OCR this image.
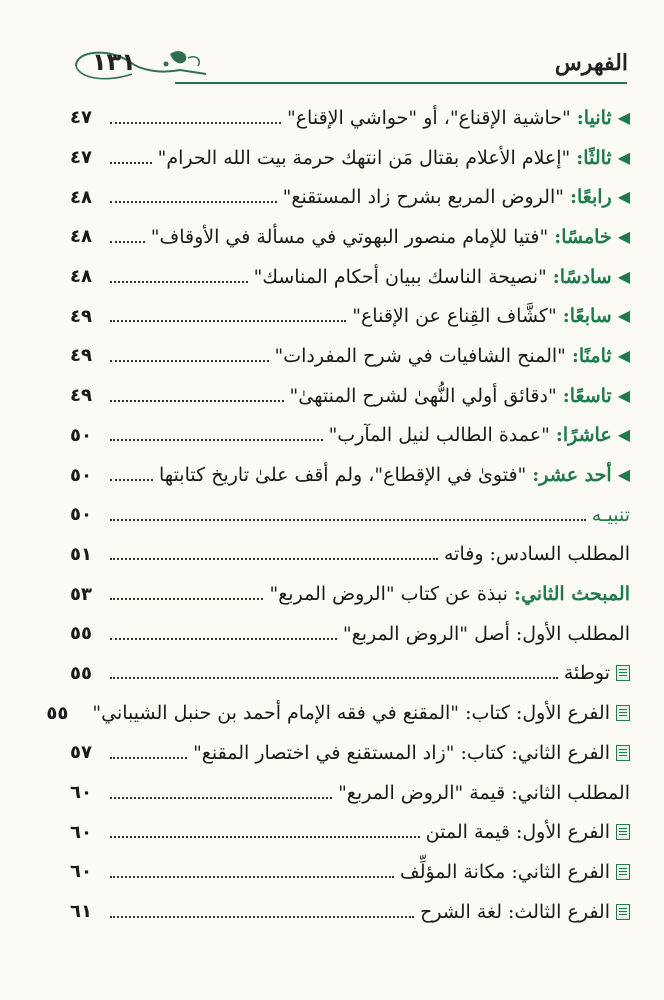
١٣١	الفهرس
◀
ثانيا:
"حاشية الإقناع"، أو "حواشي الإقناع"
٤٧
◀
ثالثًا:
"إعلام الأعلام بقتال مَن انتهك حرمة بيت الله الحرام"
٤٧
◀
رابعًا:
"الروض المربع بشرح زاد المستقنع"
٤٨
◀
خامسًا:
"فتيا للإمام منصور البهوتي في مسألة في الأوقاف"
٤٨
◀
سادسًا:
"نصيحة الناسك ببيان أحكام المناسك"
٤٨
◀
سابعًا:
"كشَّاف القِناع عن الإقناع"
٤٩
◀
ثامنًا:
"المنح الشافيات في شرح المفردات"
٤٩
◀
تاسعًا:
"دقائق أولي النُّهىٰ لشرح المنتهىٰ"
٤٩
◀
عاشرًا:
"عمدة الطالب لنيل المآرب"
٥٠
◀
أحد عشر:
"فتوىٰ في الإقطاع"، ولم أقف علىٰ تاريخ كتابتها
٥٠
تنبيـه
٥٠
المطلب السادس:
وفاته
٥١
المبحث الثاني:
نبذة عن كتاب "الروض المربع"
٥٣
المطلب الأول:
أصل "الروض المربع"
٥٥
توطئة
٥٥
الفرع الأول:
كتاب: "المقنع في فقه الإمام أحمد بن حنبل الشيباني"
٥٥
الفرع الثاني:
كتاب: "زاد المستقنع في اختصار المقنع"
٥٧
المطلب الثاني:
قيمة "الروض المربع"
٦٠
الفرع الأول:
قيمة المتن
٦٠
الفرع الثاني:
مكانة المؤلِّف
٦٠
الفرع الثالث:
لغة الشرح
٦١
